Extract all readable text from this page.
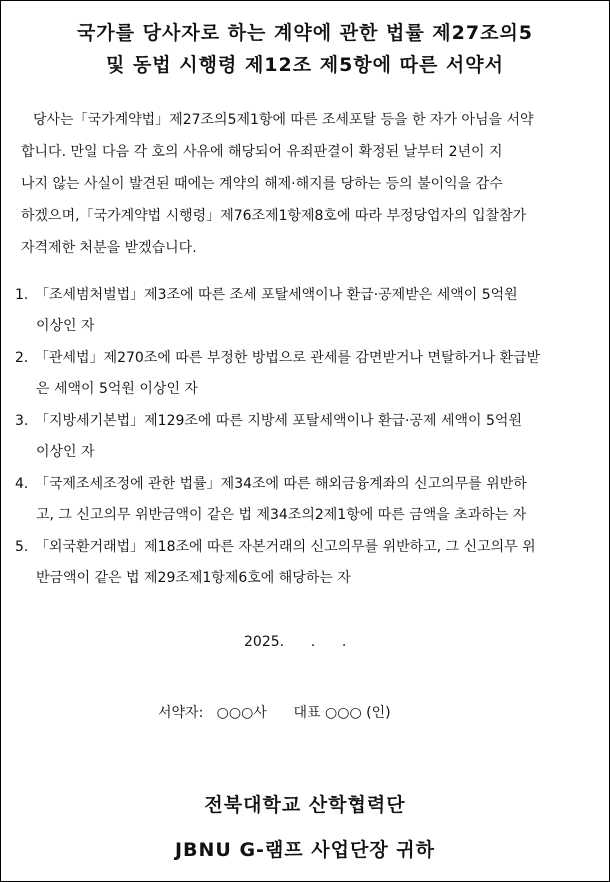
국가를 당사자로 하는 계약에 관한 법률 제27조의5
및 동법 시행령 제12조 제5항에 따른 서약서
당사는「국가계약법」제27조의5제1항에 따른 조세포탈 등을 한 자가 아님을 서약
합니다. 만일 다음 각 호의 사유에 해당되어 유죄판결이 확정된 날부터 2년이 지
나지 않는 사실이 발견된 때에는 계약의 해제·해지를 당하는 등의 불이익을 감수
하겠으며,「국가계약법 시행령」제76조제1항제8호에 따라 부정당업자의 입찰참가
자격제한 처분을 받겠습니다.
1. 「조세범처벌법」제3조에 따른 조세 포탈세액이나 환급·공제받은 세액이 5억원
이상인 자
2. 「관세법」제270조에 따른 부정한 방법으로 관세를 감면받거나 면탈하거나 환급받
은 세액이 5억원 이상인 자
3. 「지방세기본법」제129조에 따른 지방세 포탈세액이나 환급·공제 세액이 5억원
이상인 자
4. 「국제조세조정에 관한 법률」제34조에 따른 해외금융계좌의 신고의무를 위반하
고, 그 신고의무 위반금액이 같은 법 제34조의2제1항에 따른 금액을 초과하는 자
5. 「외국환거래법」제18조에 따른 자본거래의 신고의무를 위반하고, 그 신고의무 위
반금액이 같은 법 제29조제1항제6호에 해당하는 자
2025.      .      .
서약자:   ○○○사      대표 ○○○ (인)
전북대학교 산학협력단
JBNU G-램프 사업단장 귀하
